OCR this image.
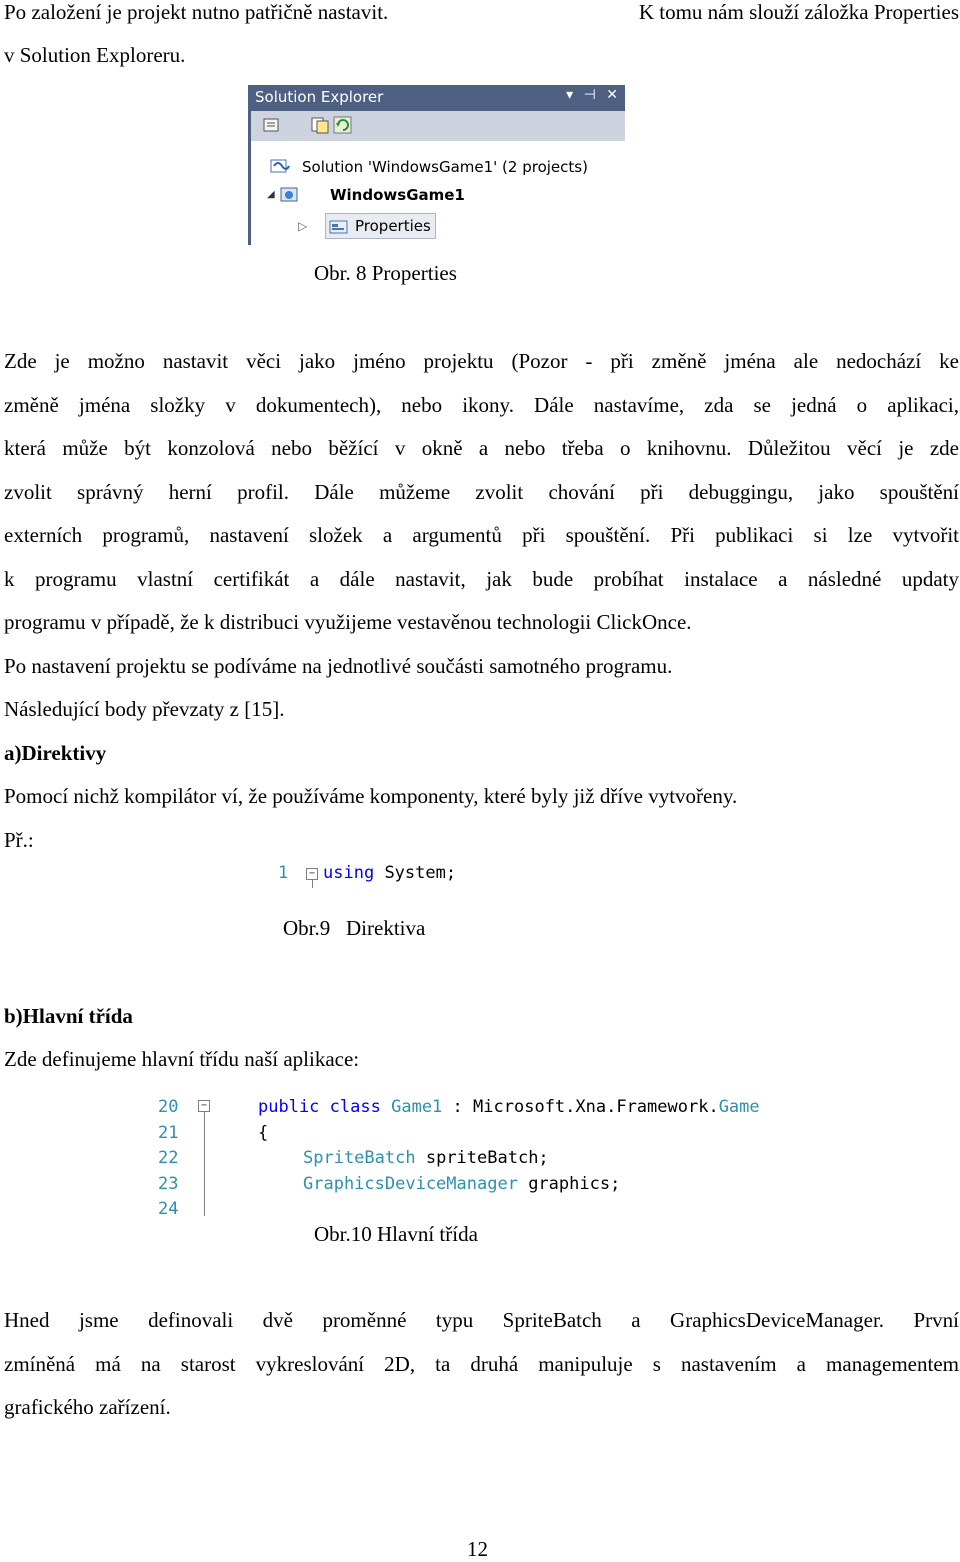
Po založení je projekt nutno patřičně nastavit.	K tomu nám slouží záložka Properties
v Solution Exploreru.
Solution Explorer	▾ ⊣ ✕
Solution 'WindowsGame1' (2 projects)
◢	WindowsGame1
▷	Properties
Obr. 8 Properties
Zde je možno nastavit věci jako jméno projektu (Pozor - při změně jména ale nedochází ke
změně jména složky v dokumentech), nebo ikony. Dále nastavíme, zda se jedná o aplikaci,
která může být konzolová nebo běžící v okně a nebo třeba o knihovnu. Důležitou věcí je zde
zvolit správný herní profil. Dále můžeme zvolit chování při debuggingu, jako spouštění
externích programů, nastavení složek a argumentů při spouštění. Při publikaci si lze vytvořit
k programu vlastní certifikát a dále nastavit, jak bude probíhat instalace a následné updaty
programu v případě, že k distribuci využijeme vestavěnou technologii ClickOnce.
Po nastavení projektu se podíváme na jednotlivé součásti samotného programu.
Následující body převzaty z [15].
a)Direktivy
Pomocí nichž kompilátor ví, že používáme komponenty, které byly již dříve vytvořeny.
Př.:
1 − using System;
Obr.9 Direktiva
b)Hlavní třída
Zde definujeme hlavní třídu naší aplikace:
20
21
22
23
24
−	public class Game1 : Microsoft.Xna.Framework.Game
{
SpriteBatch spriteBatch;
GraphicsDeviceManager graphics;
Obr.10 Hlavní třída
Hned jsme definovali dvě proměnné typu SpriteBatch a GraphicsDeviceManager. První
zmíněná má na starost vykreslování 2D, ta druhá manipuluje s nastavením a managementem
grafického zařízení.
12
